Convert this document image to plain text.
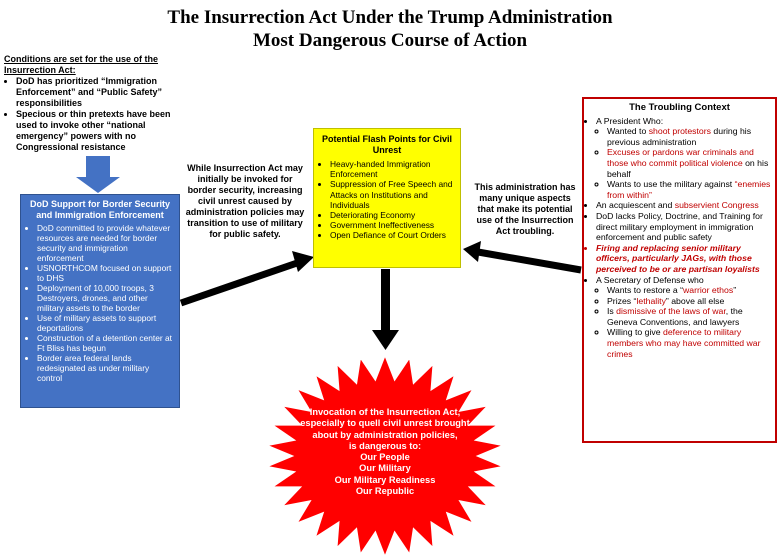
The Insurrection Act Under the Trump Administration
Most Dangerous Course of Action
Conditions are set for the use of the Insurrection Act:
• DoD has prioritized “Immigration Enforcement” and “Public Safety” responsibilities
• Specious or thin pretexts have been used to invoke other “national emergency” powers with no Congressional resistance
DoD Support for Border Security and Immigration Enforcement
• DoD committed to provide whatever resources are needed for border security and immigration enforcement
• USNORTHCOM focused on support to DHS
• Deployment of 10,000 troops, 3 Destroyers, drones, and other military assets to the border
• Use of military assets to support deportations
• Construction of a detention center at Ft Bliss has begun
• Border area federal lands redesignated as under military control
While Insurrection Act may initially be invoked for border security, increasing civil unrest caused by administration policies may transition to use of military for public safety.
Potential Flash Points for Civil Unrest
• Heavy-handed Immigration Enforcement
• Suppression of Free Speech and Attacks on Institutions and Individuals
• Deteriorating Economy
• Government Ineffectiveness
• Open Defiance of Court Orders
This administration has many unique aspects that make its potential use of the Insurrection Act troubling.
The Troubling Context
• A President Who:
◦ Wanted to shoot protestors during his previous administration
◦ Excuses or pardons war criminals and those who commit political violence on his behalf
◦ Wants to use the military against “enemies from within”
• An acquiescent and subservient Congress
• DoD lacks Policy, Doctrine, and Training for direct military employment in immigration enforcement and public safety
• Firing and replacing senior military officers, particularly JAGs, with those perceived to be or are partisan loyalists
• A Secretary of Defense who
◦ Wants to restore a “warrior ethos”
◦ Prizes “lethality” above all else
◦ Is dismissive of the laws of war, the Geneva Conventions, and lawyers
◦ Willing to give deference to military members who may have committed war crimes
Invocation of the Insurrection Act,
especially to quell civil unrest brought
about by administration policies,
is dangerous to:
Our People
Our Military
Our Military Readiness
Our Republic
